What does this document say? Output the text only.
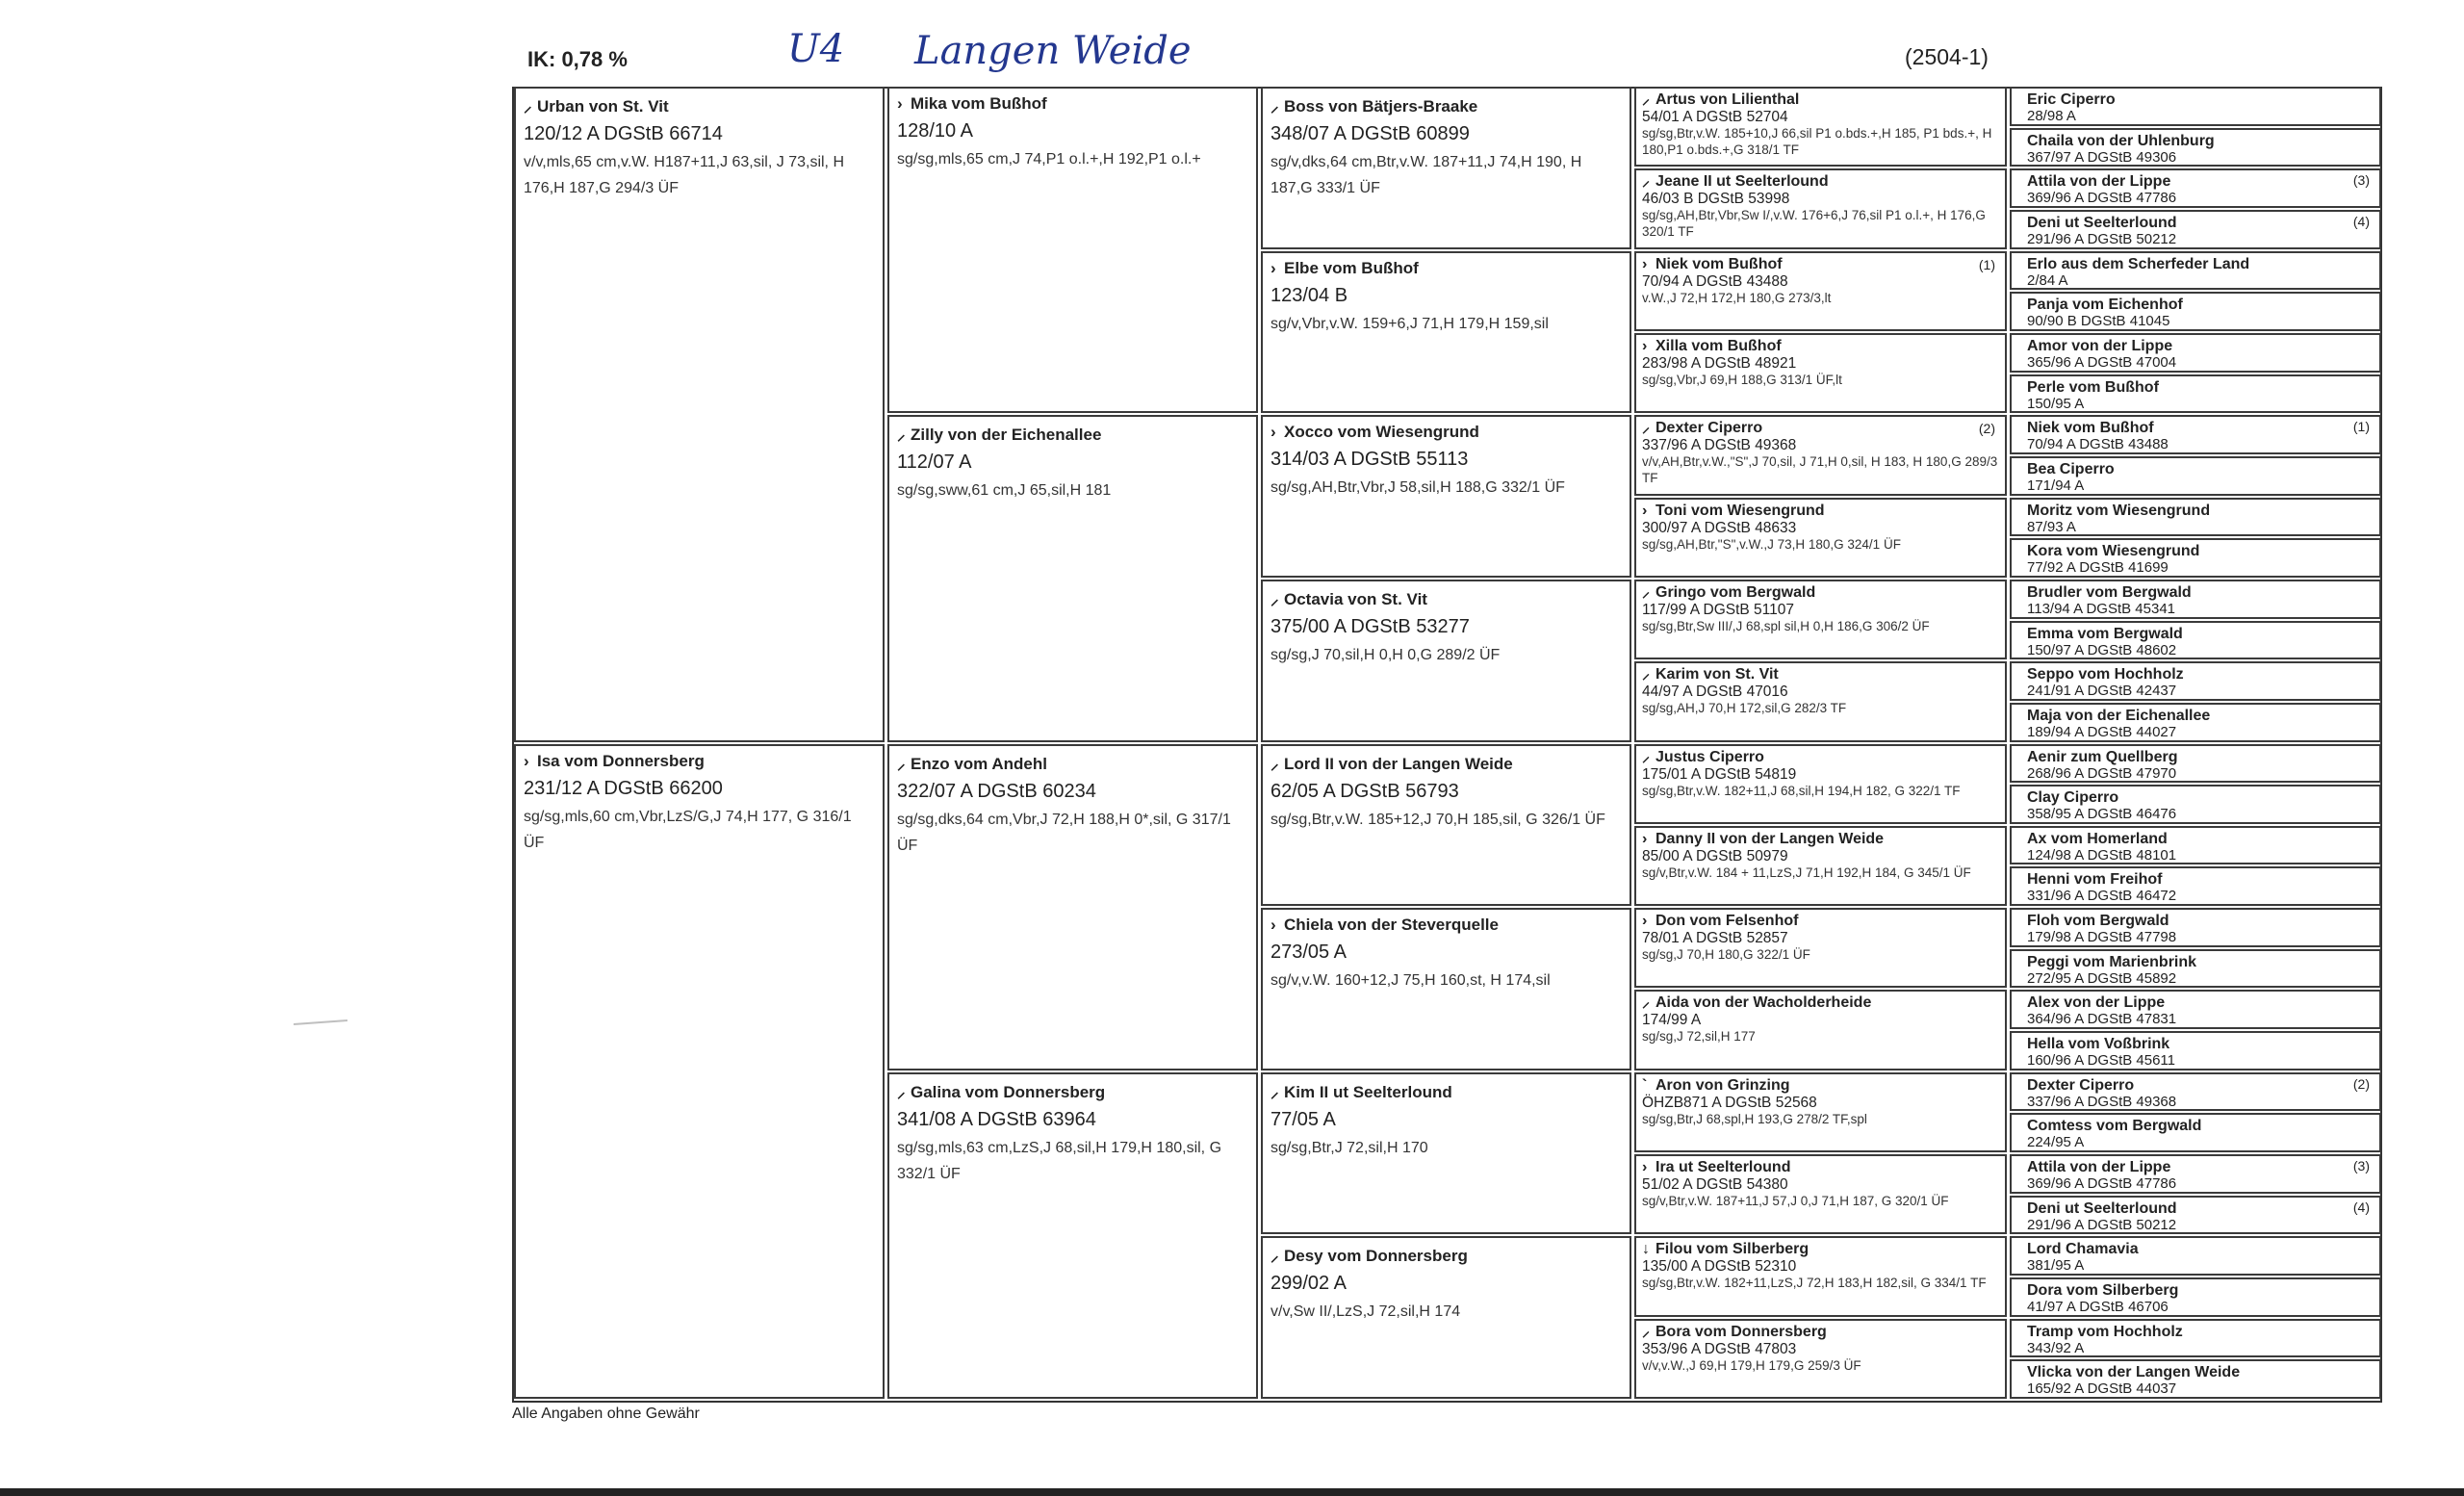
IK: 0,78 %	U4 Langen Weide	(2504-1)
⸝ Urban von St. Vit
120/12 A DGStB 66714
v/v,mls,65 cm,v.W. H187+11,J 63,sil, J 73,sil, H 176,H 187,G 294/3 ÜF
› Isa vom Donnersberg
231/12 A DGStB 66200
sg/sg,mls,60 cm,Vbr,LzS/G,J 74,H 177, G 316/1 ÜF
› Mika vom Bußhof
128/10 A
sg/sg,mls,65 cm,J 74,P1 o.l.+,H 192,P1 o.l.+
⸝ Zilly von der Eichenallee
112/07 A
sg/sg,sww,61 cm,J 65,sil,H 181
⸝ Enzo vom Andehl
322/07 A DGStB 60234
sg/sg,dks,64 cm,Vbr,J 72,H 188,H 0*,sil, G 317/1 ÜF
⸝ Galina vom Donnersberg
341/08 A DGStB 63964
sg/sg,mls,63 cm,LzS,J 68,sil,H 179,H 180,sil, G 332/1 ÜF
⸝ Boss von Bätjers-Braake
348/07 A DGStB 60899
sg/v,dks,64 cm,Btr,v.W. 187+11,J 74,H 190, H 187,G 333/1 ÜF
› Elbe vom Bußhof
123/04 B
sg/v,Vbr,v.W. 159+6,J 71,H 179,H 159,sil
› Xocco vom Wiesengrund
314/03 A DGStB 55113
sg/sg,AH,Btr,Vbr,J 58,sil,H 188,G 332/1 ÜF
⸝ Octavia von St. Vit
375/00 A DGStB 53277
sg/sg,J 70,sil,H 0,H 0,G 289/2 ÜF
⸝ Lord II von der Langen Weide
62/05 A DGStB 56793
sg/sg,Btr,v.W. 185+12,J 70,H 185,sil, G 326/1 ÜF
› Chiela von der Steverquelle
273/05 A
sg/v,v.W. 160+12,J 75,H 160,st, H 174,sil
⸝ Kim II ut Seelterlound
77/05 A
sg/sg,Btr,J 72,sil,H 170
⸝ Desy vom Donnersberg
299/02 A
v/v,Sw II/,LzS,J 72,sil,H 174
⸝ Artus von Lilienthal
54/01 A DGStB 52704
sg/sg,Btr,v.W. 185+10,J 66,sil P1 o.bds.+,H 185, P1 bds.+, H 180,P1 o.bds.+,G 318/1 TF
⸝ Jeane II ut Seelterlound
46/03 B DGStB 53998
sg/sg,AH,Btr,Vbr,Sw I/,v.W. 176+6,J 76,sil P1 o.l.+, H 176,G 320/1 TF
› Niek vom Bußhof
70/94 A DGStB 43488
v.W.,J 72,H 172,H 180,G 273/3,lt
(1)
› Xilla vom Bußhof
283/98 A DGStB 48921
sg/sg,Vbr,J 69,H 188,G 313/1 ÜF,lt
⸝ Dexter Ciperro
337/96 A DGStB 49368
v/v,AH,Btr,v.W.,"S",J 70,sil, J 71,H 0,sil, H 183, H 180,G 289/3 TF
(2)
› Toni vom Wiesengrund
300/97 A DGStB 48633
sg/sg,AH,Btr,"S",v.W.,J 73,H 180,G 324/1 ÜF
⸝ Gringo vom Bergwald
117/99 A DGStB 51107
sg/sg,Btr,Sw III/,J 68,spl sil,H 0,H 186,G 306/2 ÜF
⸝ Karim von St. Vit
44/97 A DGStB 47016
sg/sg,AH,J 70,H 172,sil,G 282/3 TF
⸝ Justus Ciperro
175/01 A DGStB 54819
sg/sg,Btr,v.W. 182+11,J 68,sil,H 194,H 182, G 322/1 TF
› Danny II von der Langen Weide
85/00 A DGStB 50979
sg/v,Btr,v.W. 184 + 11,LzS,J 71,H 192,H 184, G 345/1 ÜF
› Don vom Felsenhof
78/01 A DGStB 52857
sg/sg,J 70,H 180,G 322/1 ÜF
⸝ Aida von der Wacholderheide
174/99 A
sg/sg,J 72,sil,H 177
` Aron von Grinzing
ÖHZB871 A DGStB 52568
sg/sg,Btr,J 68,spl,H 193,G 278/2 TF,spl
› Ira ut Seelterlound
51/02 A DGStB 54380
sg/v,Btr,v.W. 187+11,J 57,J 0,J 71,H 187, G 320/1 ÜF
↓ Filou vom Silberberg
135/00 A DGStB 52310
sg/sg,Btr,v.W. 182+11,LzS,J 72,H 183,H 182,sil, G 334/1 TF
⸝ Bora vom Donnersberg
353/96 A DGStB 47803
v/v,v.W.,J 69,H 179,H 179,G 259/3 ÜF
Eric Ciperro
28/98 A
Chaila von der Uhlenburg
367/97 A DGStB 49306
Attila von der Lippe
369/96 A DGStB 47786
(3)
Deni ut Seelterlound
291/96 A DGStB 50212
(4)
Erlo aus dem Scherfeder Land
2/84 A
Panja vom Eichenhof
90/90 B DGStB 41045
Amor von der Lippe
365/96 A DGStB 47004
Perle vom Bußhof
150/95 A
Niek vom Bußhof
70/94 A DGStB 43488
(1)
Bea Ciperro
171/94 A
Moritz vom Wiesengrund
87/93 A
Kora vom Wiesengrund
77/92 A DGStB 41699
Brudler vom Bergwald
113/94 A DGStB 45341
Emma vom Bergwald
150/97 A DGStB 48602
Seppo vom Hochholz
241/91 A DGStB 42437
Maja von der Eichenallee
189/94 A DGStB 44027
Aenir zum Quellberg
268/96 A DGStB 47970
Clay Ciperro
358/95 A DGStB 46476
Ax vom Homerland
124/98 A DGStB 48101
Henni vom Freihof
331/96 A DGStB 46472
Floh vom Bergwald
179/98 A DGStB 47798
Peggi vom Marienbrink
272/95 A DGStB 45892
Alex von der Lippe
364/96 A DGStB 47831
Hella vom Voßbrink
160/96 A DGStB 45611
Dexter Ciperro
337/96 A DGStB 49368
(2)
Comtess vom Bergwald
224/95 A
Attila von der Lippe
369/96 A DGStB 47786
(3)
Deni ut Seelterlound
291/96 A DGStB 50212
(4)
Lord Chamavia
381/95 A
Dora vom Silberberg
41/97 A DGStB 46706
Tramp vom Hochholz
343/92 A
Vlicka von der Langen Weide
165/92 A DGStB 44037
Alle Angaben ohne Gewähr
